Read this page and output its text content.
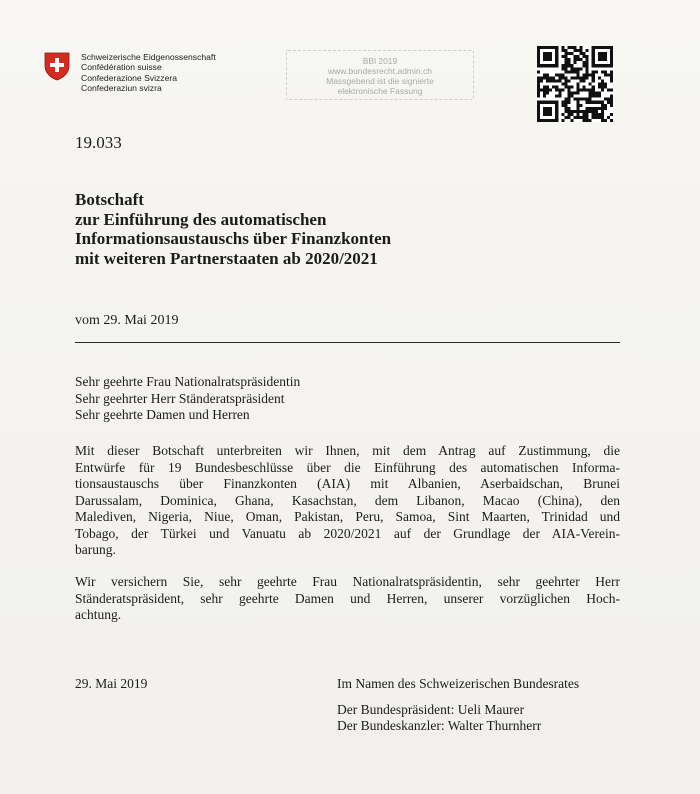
Schweizerische Eidgenossenschaft
Confédération suisse
Confederazione Svizzera
Confederaziun svizra
BBl 2019
www.bundesrecht.admin.ch
Massgebend ist die signierte
elektronische Fassung
19.033
Botschaft
zur Einführung des automatischen
Informationsaustauschs über Finanzkonten
mit weiteren Partnerstaaten ab 2020/2021
vom 29. Mai 2019
Sehr geehrte Frau Nationalratspräsidentin
Sehr geehrter Herr Ständeratspräsident
Sehr geehrte Damen und Herren
Mit dieser Botschaft unterbreiten wir Ihnen, mit dem Antrag auf Zustimmung, die
Entwürfe für 19 Bundesbeschlüsse über die Einführung des automatischen Informa-
tionsaustauschs über Finanzkonten (AIA) mit Albanien, Aserbaidschan, Brunei
Darussalam, Dominica, Ghana, Kasachstan, dem Libanon, Macao (China), den
Malediven, Nigeria, Niue, Oman, Pakistan, Peru, Samoa, Sint Maarten, Trinidad und
Tobago, der Türkei und Vanuatu ab 2020/2021 auf der Grundlage der AIA-Verein-
barung.
Wir versichern Sie, sehr geehrte Frau Nationalratspräsidentin, sehr geehrter Herr
Ständeratspräsident, sehr geehrte Damen und Herren, unserer vorzüglichen Hoch-
achtung.
29. Mai 2019	Im Namen des Schweizerischen Bundesrates
Der Bundespräsident: Ueli Maurer
Der Bundeskanzler: Walter Thurnherr
